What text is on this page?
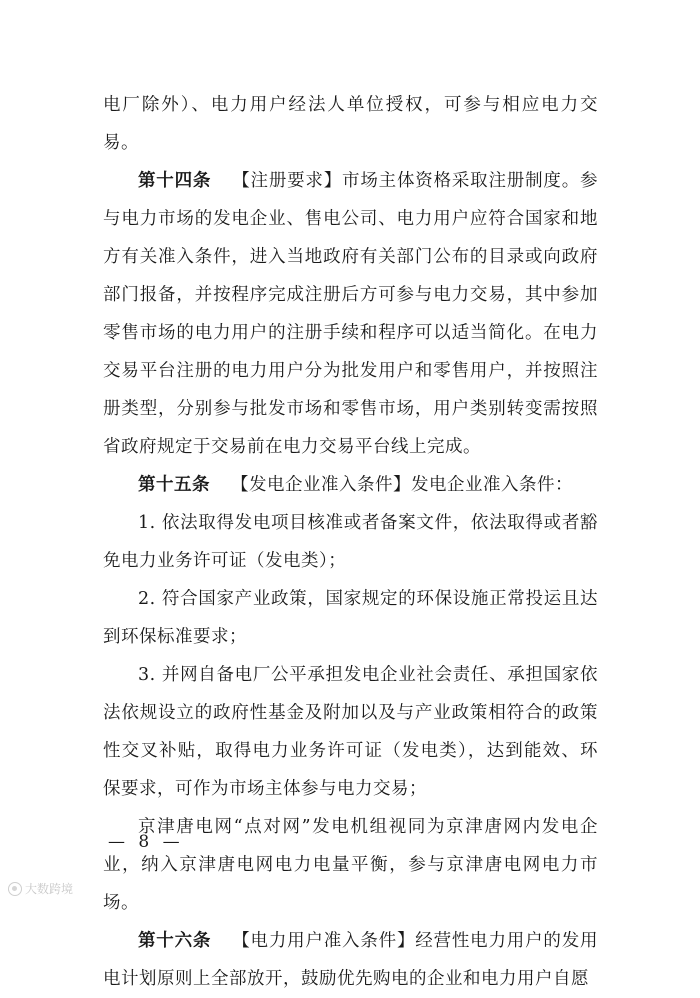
电厂除外）、电力用户经法人单位授权，可参与相应电力交易。

第十四条 【注册要求】市场主体资格采取注册制度。参与电力市场的发电企业、售电公司、电力用户应符合国家和地方有关准入条件，进入当地政府有关部门公布的目录或向政府部门报备，并按程序完成注册后方可参与电力交易，其中参加零售市场的电力用户的注册手续和程序可以适当简化。在电力交易平台注册的电力用户分为批发用户和零售用户，并按照注册类型，分别参与批发市场和零售市场，用户类别转变需按照省政府规定于交易前在电力交易平台线上完成。

第十五条 【发电企业准入条件】发电企业准入条件：

1. 依法取得发电项目核准或者备案文件，依法取得或者豁免电力业务许可证（发电类）；

2. 符合国家产业政策，国家规定的环保设施正常投运且达到环保标准要求；

3. 并网自备电厂公平承担发电企业社会责任、承担国家依法依规设立的政府性基金及附加以及与产业政策相符合的政策性交叉补贴，取得电力业务许可证（发电类），达到能效、环保要求，可作为市场主体参与电力交易；

京津唐电网“点对网”发电机组视同为京津唐网内发电企业，纳入京津唐电网电力电量平衡，参与京津唐电网电力市场。

第十六条 【电力用户准入条件】经营性电力用户的发用电计划原则上全部放开，鼓励优先购电的企业和电力用户自愿

— 8 —
大数跨境
